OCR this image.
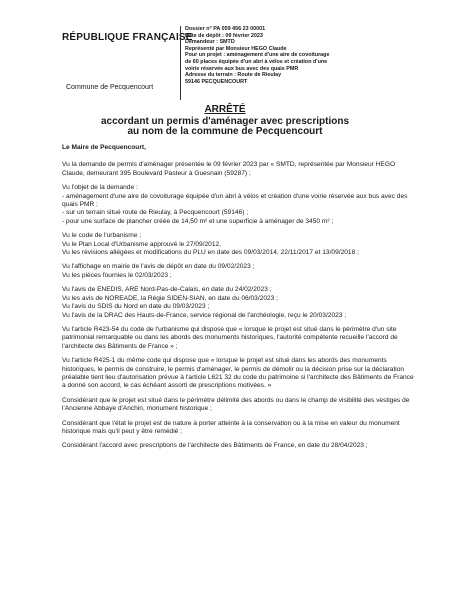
RÉPUBLIQUE FRANÇAISE
Commune de Pecquencourt
Dossier n° PA 059 456 23 00001
Date de dépôt : 09 février 2023
Demandeur : SMTD
Représenté par Monsieur HEGO Claude
Pour un projet : aménagement d'une aire de covoiturage
de 60 places équipée d'un abri à vélos et création d'une
voirie réservée aux bus avec des quais PMR
Adresse du terrain : Route de Rieulay
59146 PECQUENCOURT
ARRÊTÉ
accordant un permis d'aménager avec prescriptions
au nom de la commune de Pecquencourt

Le Maire de Pecquencourt,

Vu la demande de permis d'aménager présentée le 09 février 2023 par « SMTD, représentée par Monsieur HEGO Claude, demeurant 395 Boulevard Pasteur à Guesnain (59287) ;

Vu l'objet de la demande :
- aménagement d'une aire de covoiturage équipée d'un abri à vélos et création d'une voirie réservée aux bus avec des quais PMR ;
- sur un terrain situé route de Rieulay, à Pecquencourt (59146) ;
- pour une surface de plancher créée de 14,50 m² et une superficie à aménager de 3450 m² ;
Vu le code de l'urbanisme ;
Vu le Plan Local d'Urbanisme approuvé le 27/09/2012,
Vu les révisions allégées et modifications du PLU en date des 09/03/2014, 22/11/2017 et 13/09/2018 ;
Vu l'affichage en mairie de l'avis de dépôt en date du 09/02/2023 ;
Vu les pièces fournies le 02/03/2023 ;
Vu l'avis de ENEDIS, ARE Nord-Pas-de-Calais, en date du 24/02/2023 ;
Vu les avis de NOREADE, la Régie SIDEN-SIAN, en date du 06/03/2023 ;
Vu l'avis du SDIS du Nord en date du 09/03/2023 ;
Vu l'avis de la DRAC des Hauts-de-France, service régional de l'archéologie, reçu le 20/03/2023 ;

Vu l'article R423-54 du code de l'urbanisme qui dispose que « lorsque le projet est situé dans le périmètre d'un site patrimonial remarquable ou dans les abords des monuments historiques, l'autorité compétente recueille l'accord de l'architecte des Bâtiments de France » ;

Vu l'article R425-1 du même code qui dispose que « lorsque le projet est situé dans les abords des monuments historiques, le permis de construire, le permis d'aménager, le permis de démolir ou la décision prise sur la déclaration préalable tient lieu d'autorisation prévue à l'article L621 32 du code du patrimoine si l'architecte des Bâtiments de France a donné son accord, le cas échéant assorti de prescriptions motivées. »

Considérant que le projet est situé dans le périmètre délimité des abords ou dans le champ de visibilité des vestiges de l'Ancienne Abbaye d'Anchin, monument historique ;

Considérant que l'état le projet est de nature à porter atteinte à la conservation ou à la mise en valeur du monument historique mais qu'il peut y être remédié ;

Considérant l'accord avec prescriptions de l'architecte des Bâtiments de France, en date du 28/04/2023 ;
